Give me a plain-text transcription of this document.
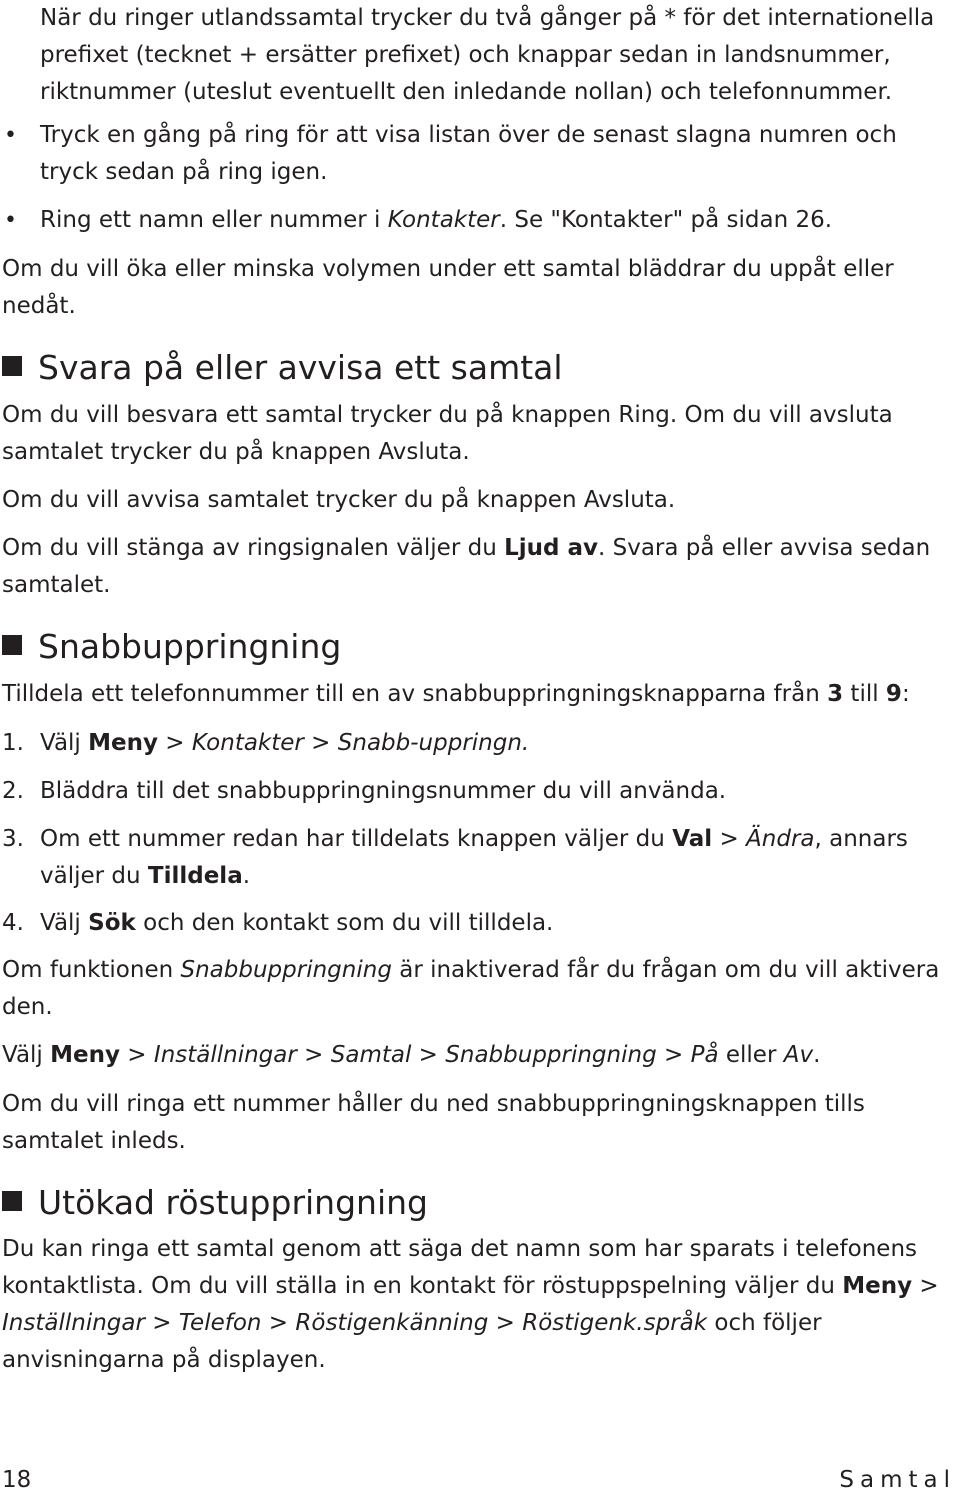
När du ringer utlandssamtal trycker du två gånger på * för det internationella prefixet (tecknet + ersätter prefixet) och knappar sedan in landsnummer, riktnummer (uteslut eventuellt den inledande nollan) och telefonnummer.

•

Tryck en gång på ring för att visa listan över de senast slagna numren och tryck sedan på ring igen.

•

Ring ett namn eller nummer i Kontakter. Se "Kontakter" på sidan 26.

Om du vill öka eller minska volymen under ett samtal bläddrar du uppåt eller nedåt.

Svara på eller avvisa ett samtal

Om du vill besvara ett samtal trycker du på knappen Ring. Om du vill avsluta samtalet trycker du på knappen Avsluta.

Om du vill avvisa samtalet trycker du på knappen Avsluta.

Om du vill stänga av ringsignalen väljer du Ljud av. Svara på eller avvisa sedan samtalet.

Snabbuppringning

Tilldela ett telefonnummer till en av snabbuppringningsknapparna från 3 till 9:

1. Välj Meny > Kontakter > Snabb-uppringn.

2. Bläddra till det snabbuppringningsnummer du vill använda.

3. Om ett nummer redan har tilldelats knappen väljer du Val > Ändra, annars väljer du Tilldela.

4. Välj Sök och den kontakt som du vill tilldela.

Om funktionen Snabbuppringning är inaktiverad får du frågan om du vill aktivera den.

Välj Meny > Inställningar > Samtal > Snabbuppringning > På eller Av.

Om du vill ringa ett nummer håller du ned snabbuppringningsknappen tills samtalet inleds.

Utökad röstuppringning

Du kan ringa ett samtal genom att säga det namn som har sparats i telefonens kontaktlista. Om du vill ställa in en kontakt för röstuppspelning väljer du Meny > Inställningar > Telefon > Röstigenkänning > Röstigenk.språk och följer anvisningarna på displayen.

18	Samtal
